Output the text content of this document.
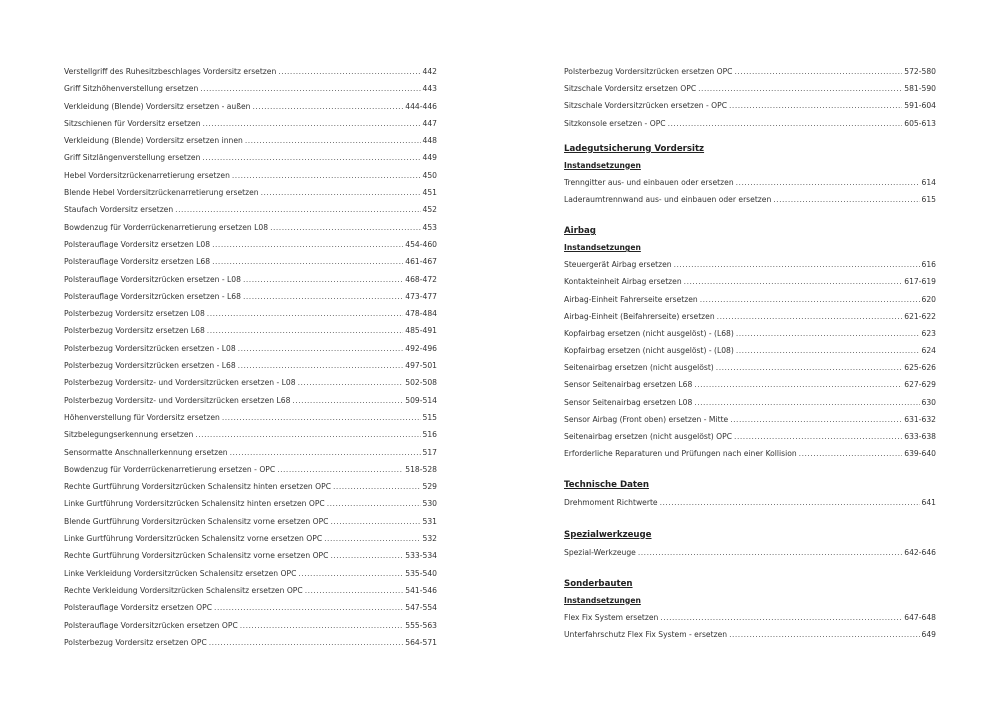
Verstellgriff des Ruhesitzbeschlages Vordersitz ersetzen .....	442
Griff Sitzhöhenverstellung ersetzen .....	443
Verkleidung (Blende) Vordersitz ersetzen - außen .....	444-446
Sitzschienen für Vordersitz ersetzen .....	447
Verkleidung (Blende) Vordersitz ersetzen innen .....	448
Griff Sitzlängenverstellung ersetzen .....	449
Hebel Vordersitzrückenarretierung ersetzen .....	450
Blende Hebel Vordersitzrückenarretierung ersetzen .....	451
Staufach Vordersitz ersetzen .....	452
Bowdenzug für Vorderrückenarretierung ersetzen L08 .....	453
Polsterauflage Vordersitz ersetzen L08 .....	454-460
Polsterauflage Vordersitz ersetzen L68 .....	461-467
Polsterauflage Vordersitzrücken ersetzen - L08 .....	468-472
Polsterauflage Vordersitzrücken ersetzen - L68 .....	473-477
Polsterbezug Vordersitz ersetzen L08 .....	478-484
Polsterbezug Vordersitz ersetzen L68 .....	485-491
Polsterbezug Vordersitzrücken ersetzen - L08 .....	492-496
Polsterbezug Vordersitzrücken ersetzen - L68 .....	497-501
Polsterbezug Vordersitz- und Vordersitzrücken ersetzen - L08 .....	502-508
Polsterbezug Vordersitz- und Vordersitzrücken ersetzen L68 .....	509-514
Höhenverstellung für Vordersitz ersetzen .....	515
Sitzbelegungserkennung ersetzen .....	516
Sensormatte Anschnallerkennung ersetzen .....	517
Bowdenzug für Vorderrückenarretierung ersetzen - OPC .....	518-528
Rechte Gurtführung Vordersitzrücken Schalensitz hinten ersetzen OPC .....	529
Linke Gurtführung Vordersitzrücken Schalensitz hinten ersetzen OPC .....	530
Blende Gurtführung Vordersitzrücken Schalensitz vorne ersetzen OPC .....	531
Linke Gurtführung Vordersitzrücken Schalensitz vorne ersetzen OPC .....	532
Rechte Gurtführung Vordersitzrücken Schalensitz vorne ersetzen OPC .....	533-534
Linke Verkleidung Vordersitzrücken Schalensitz ersetzen OPC .....	535-540
Rechte Verkleidung Vordersitzrücken Schalensitz ersetzen OPC .....	541-546
Polsterauflage Vordersitz ersetzen OPC .....	547-554
Polsterauflage Vordersitzrücken ersetzen OPC .....	555-563
Polsterbezug Vordersitz ersetzen OPC .....	564-571
Polsterbezug Vordersitzrücken ersetzen OPC .....	572-580
Sitzschale Vordersitz ersetzen OPC .....	581-590
Sitzschale Vordersitzrücken ersetzen - OPC .....	591-604
Sitzkonsole ersetzen - OPC .....	605-613
Ladegutsicherung Vordersitz
Instandsetzungen
Trenngitter aus- und einbauen oder ersetzen .....	614
Laderaumtrennwand aus- und einbauen oder ersetzen .....	615
Airbag
Instandsetzungen
Steuergerät Airbag ersetzen .....	616
Kontakteinheit Airbag ersetzen .....	617-619
Airbag-Einheit Fahrerseite ersetzen .....	620
Airbag-Einheit (Beifahrerseite) ersetzen .....	621-622
Kopfairbag ersetzen (nicht ausgelöst) - (L68) .....	623
Kopfairbag ersetzen (nicht ausgelöst) - (L08) .....	624
Seitenairbag ersetzen (nicht ausgelöst) .....	625-626
Sensor Seitenairbag ersetzen L68 .....	627-629
Sensor Seitenairbag ersetzen L08 .....	630
Sensor Airbag (Front oben) ersetzen - Mitte .....	631-632
Seitenairbag ersetzen (nicht ausgelöst) OPC .....	633-638
Erforderliche Reparaturen und Prüfungen nach einer Kollision .....	639-640
Technische Daten
Drehmoment Richtwerte .....	641
Spezialwerkzeuge
Spezial-Werkzeuge .....	642-646
Sonderbauten
Instandsetzungen
Flex Fix System ersetzen .....	647-648
Unterfahrschutz Flex Fix System - ersetzen .....	649
